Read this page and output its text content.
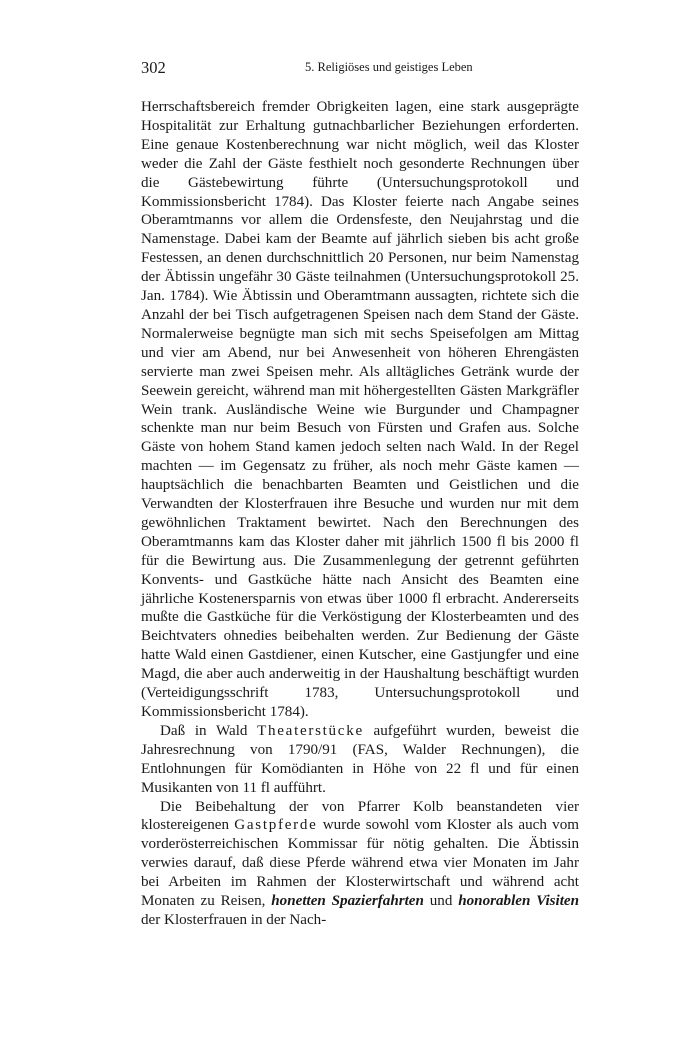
302	5. Religiöses und geistiges Leben

Herrschaftsbereich fremder Obrigkeiten lagen, eine stark ausgeprägte Hospitalität zur Erhaltung gutnachbarlicher Beziehungen erforderten. Eine genaue Kostenberechnung war nicht möglich, weil das Kloster weder die Zahl der Gäste festhielt noch gesonderte Rechnungen über die Gästebewirtung führte (Untersuchungsprotokoll und Kommissionsbericht 1784). Das Kloster feierte nach Angabe seines Oberamtmanns vor allem die Ordensfeste, den Neujahrstag und die Namenstage. Dabei kam der Beamte auf jährlich sieben bis acht große Festessen, an denen durchschnittlich 20 Personen, nur beim Namenstag der Äbtissin ungefähr 30 Gäste teilnahmen (Untersuchungsprotokoll 25. Jan. 1784). Wie Äbtissin und Oberamtmann aussagten, richtete sich die Anzahl der bei Tisch aufgetragenen Speisen nach dem Stand der Gäste. Normalerweise begnügte man sich mit sechs Speisefolgen am Mittag und vier am Abend, nur bei Anwesenheit von höheren Ehrengästen servierte man zwei Speisen mehr. Als alltägliches Getränk wurde der Seewein gereicht, während man mit höhergestellten Gästen Markgräfler Wein trank. Ausländische Weine wie Burgunder und Champagner schenkte man nur beim Besuch von Fürsten und Grafen aus. Solche Gäste von hohem Stand kamen jedoch selten nach Wald. In der Regel machten — im Gegensatz zu früher, als noch mehr Gäste kamen — hauptsächlich die benachbarten Beamten und Geistlichen und die Verwandten der Klosterfrauen ihre Besuche und wurden nur mit dem gewöhnlichen Traktament bewirtet. Nach den Berechnungen des Oberamtmanns kam das Kloster daher mit jährlich 1500 fl bis 2000 fl für die Bewirtung aus. Die Zusammenlegung der getrennt geführten Konvents- und Gastküche hätte nach Ansicht des Beamten eine jährliche Kostenersparnis von etwas über 1000 fl erbracht. Andererseits mußte die Gastküche für die Verköstigung der Klosterbeamten und des Beichtvaters ohnedies beibehalten werden. Zur Bedienung der Gäste hatte Wald einen Gastdiener, einen Kutscher, eine Gastjungfer und eine Magd, die aber auch anderweitig in der Haushaltung beschäftigt wurden (Verteidigungsschrift 1783, Untersuchungsprotokoll und Kommissionsbericht 1784).

Daß in Wald Theaterstücke aufgeführt wurden, beweist die Jahresrechnung von 1790/91 (FAS, Walder Rechnungen), die Entlohnungen für Komödianten in Höhe von 22 fl und für einen Musikanten von 11 fl aufführt.

Die Beibehaltung der von Pfarrer Kolb beanstandeten vier klostereigenen Gastpferde wurde sowohl vom Kloster als auch vom vorderösterreichischen Kommissar für nötig gehalten. Die Äbtissin verwies darauf, daß diese Pferde während etwa vier Monaten im Jahr bei Arbeiten im Rahmen der Klosterwirtschaft und während acht Monaten zu Reisen, honetten Spazierfahrten und honorablen Visiten der Klosterfrauen in der Nach-
